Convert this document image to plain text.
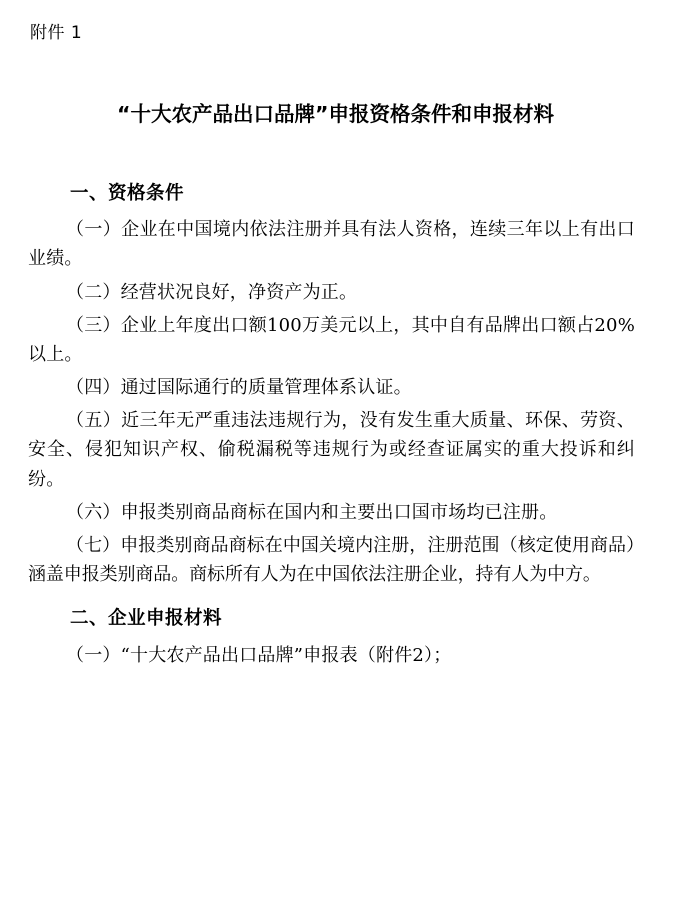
附件 1
“十大农产品出口品牌”申报资格条件和申报材料
一、资格条件

（一）企业在中国境内依法注册并具有法人资格，连续三年以上有出口业绩。

（二）经营状况良好，净资产为正。

（三）企业上年度出口额100万美元以上，其中自有品牌出口额占20%以上。

（四）通过国际通行的质量管理体系认证。

（五）近三年无严重违法违规行为，没有发生重大质量、环保、劳资、安全、侵犯知识产权、偷税漏税等违规行为或经查证属实的重大投诉和纠纷。

（六）申报类别商品商标在国内和主要出口国市场均已注册。

（七）申报类别商品商标在中国关境内注册，注册范围（核定使用商品）涵盖申报类别商品。商标所有人为在中国依法注册企业，持有人为中方。

二、企业申报材料

（一）“十大农产品出口品牌”申报表（附件2）；
